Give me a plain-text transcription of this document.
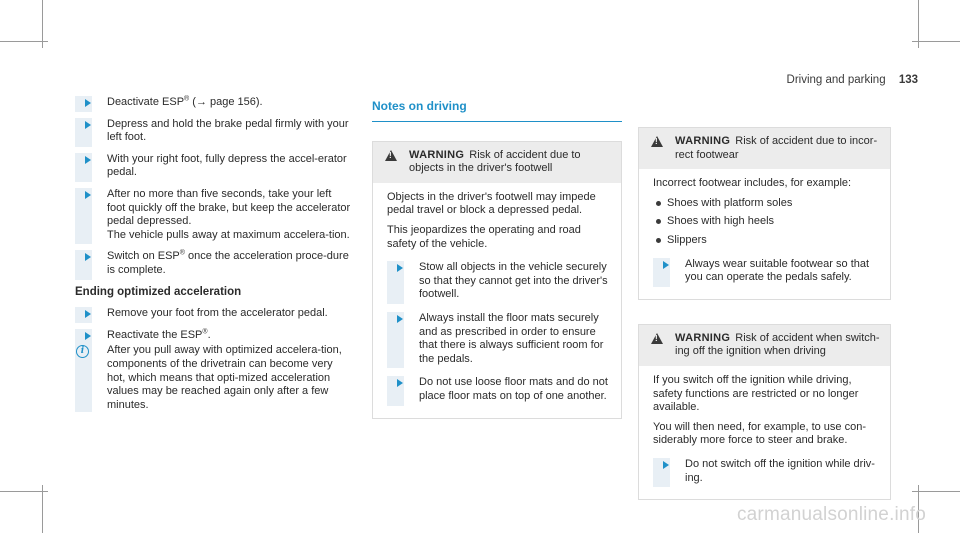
Driving and parking 133

Deactivate ESP® (→ page 156).

Depress and hold the brake pedal firmly with your left foot.

With your right foot, fully depress the accel-erator pedal.

After no more than five seconds, take your left foot quickly off the brake, but keep the accelerator pedal depressed.

The vehicle pulls away at maximum accelera-tion.

Switch on ESP® once the acceleration proce-dure is complete.

Ending optimized acceleration

Remove your foot from the accelerator pedal.

Reactivate the ESP®.

i	After you pull away with optimized accelera-tion, components of the drivetrain can become very hot, which means that opti-mized acceleration values may be reached again only after a few minutes.

Notes on driving
! WARNING Risk of accident due to objects in the driver's footwell

Objects in the driver's footwell may impede pedal travel or block a depressed pedal.

This jeopardizes the operating and road safety of the vehicle.

Stow all objects in the vehicle securely so that they cannot get into the driver's footwell.

Always install the floor mats securely and as prescribed in order to ensure that there is always sufficient room for the pedals.

Do not use loose floor mats and do not place floor mats on top of one another.

! WARNING Risk of accident due to incor-rect footwear

Incorrect footwear includes, for example:

Shoes with platform soles
Shoes with high heels
Slippers

Always wear suitable footwear so that you can operate the pedals safely.

! WARNING Risk of accident when switch-ing off the ignition when driving

If you switch off the ignition while driving, safety functions are restricted or no longer available.

You will then need, for example, to use con-siderably more force to steer and brake.

Do not switch off the ignition while driv-ing.

carmanualsonline.info
